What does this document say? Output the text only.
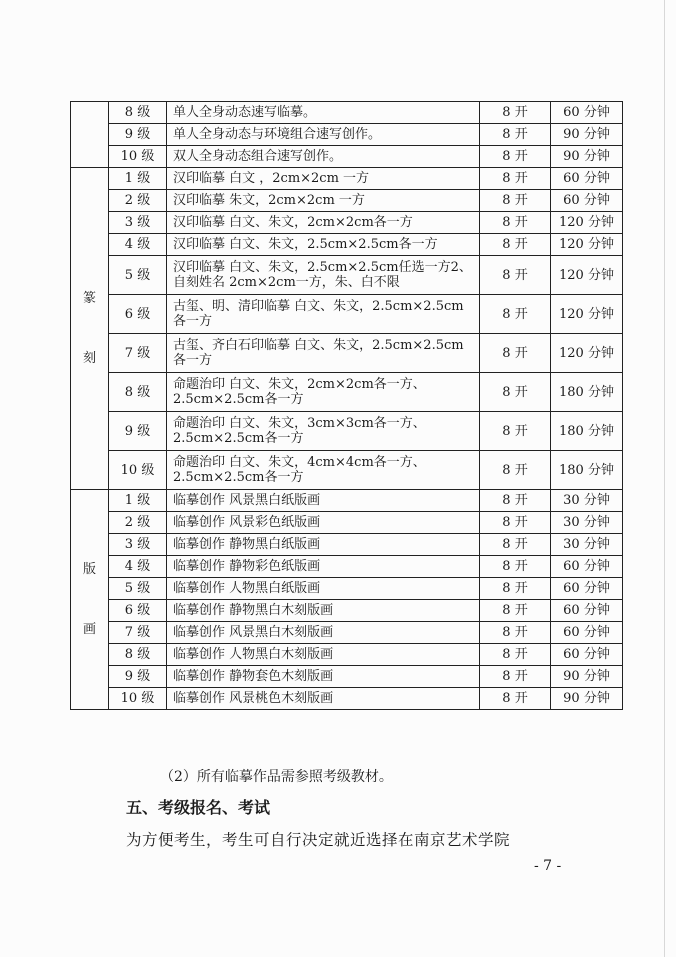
	8 级	单人全身动态速写临摹。	8 开	60 分钟
	9 级	单人全身动态与环境组合速写创作。	8 开	90 分钟
	10 级	双人全身动态组合速写创作。	8 开	90 分钟

篆
刻	1 级	汉印临摹 白文 ，2cm×2cm 一方	8 开	60 分钟
	2 级	汉印临摹 朱文，2cm×2cm 一方	8 开	60 分钟
	3 级	汉印临摹 白文、朱文，2cm×2cm各一方	8 开	120 分钟
	4 级	汉印临摹 白文、朱文，2.5cm×2.5cm各一方	8 开	120 分钟
	5 级	汉印临摹 白文、朱文，2.5cm×2.5cm任选一方2、自刻姓名 2cm×2cm一方，朱、白不限	8 开	120 分钟
	6 级	古玺、明、清印临摹 白文、朱文，2.5cm×2.5cm各一方	8 开	120 分钟
	7 级	古玺、齐白石印临摹 白文、朱文，2.5cm×2.5cm各一方	8 开	120 分钟
	8 级	命题治印 白文、朱文，2cm×2cm各一方、2.5cm×2.5cm各一方	8 开	180 分钟
	9 级	命题治印 白文、朱文，3cm×3cm各一方、2.5cm×2.5cm各一方	8 开	180 分钟
	10 级	命题治印 白文、朱文，4cm×4cm各一方、2.5cm×2.5cm各一方	8 开	180 分钟

版
画	1 级	临摹创作 风景黑白纸版画	8 开	30 分钟
	2 级	临摹创作 风景彩色纸版画	8 开	30 分钟
	3 级	临摹创作 静物黑白纸版画	8 开	30 分钟
	4 级	临摹创作 静物彩色纸版画	8 开	60 分钟
	5 级	临摹创作 人物黑白纸版画	8 开	60 分钟
	6 级	临摹创作 静物黑白木刻版画	8 开	60 分钟
	7 级	临摹创作 风景黑白木刻版画	8 开	60 分钟
	8 级	临摹创作 人物黑白木刻版画	8 开	60 分钟
	9 级	临摹创作 静物套色木刻版画	8 开	90 分钟
	10 级	临摹创作 风景桃色木刻版画	8 开	90 分钟
（2）所有临摹作品需参照考级教材。
五、考级报名、考试
为方便考生，考生可自行决定就近选择在南京艺术学院
- 7 -
